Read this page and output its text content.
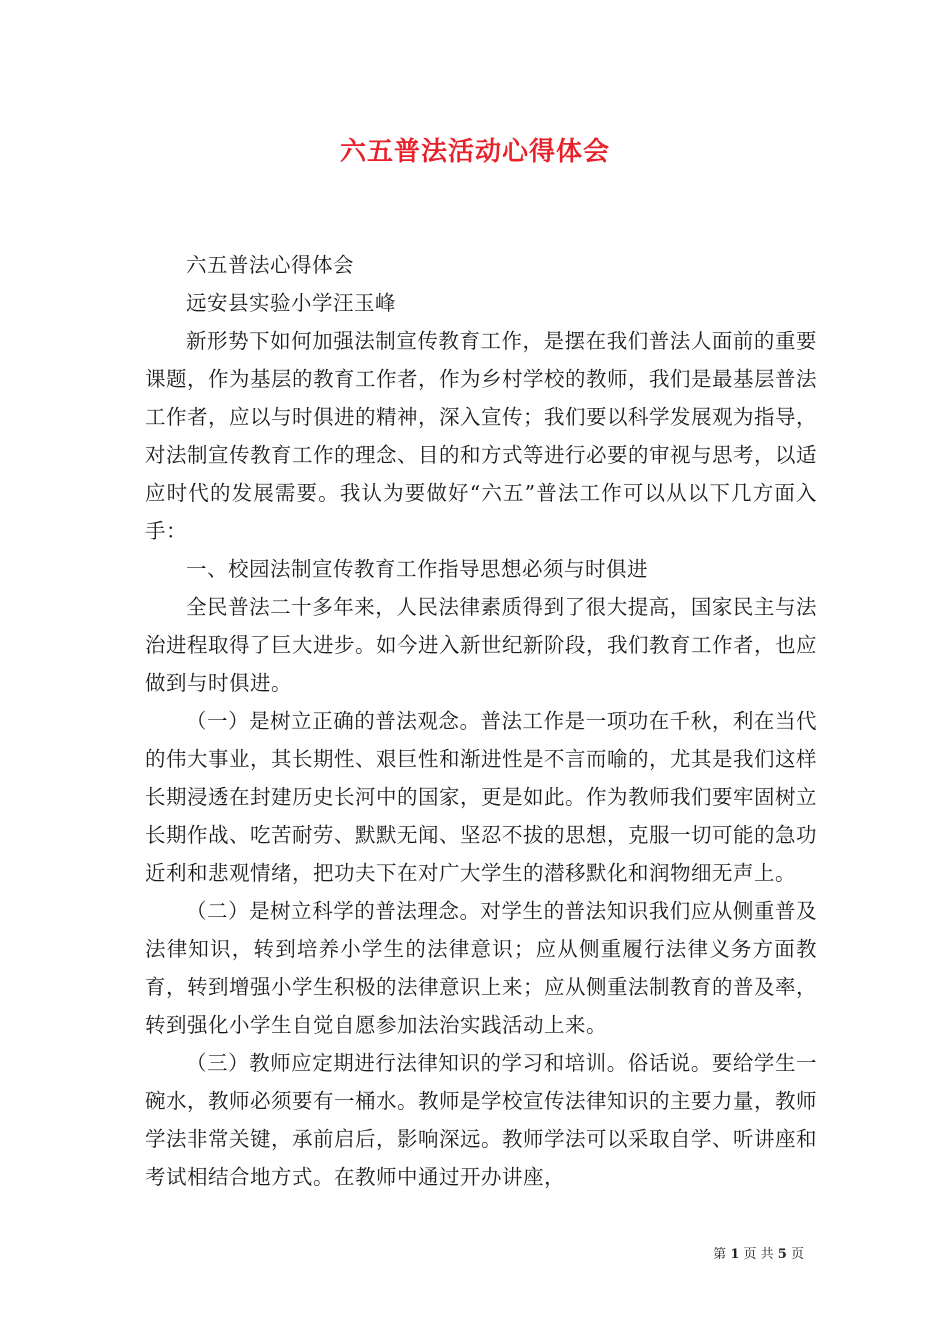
六五普法活动心得体会

六五普法心得体会

远安县实验小学汪玉峰

新形势下如何加强法制宣传教育工作，是摆在我们普法人面前的重要课题，作为基层的教育工作者，作为乡村学校的教师，我们是最基层普法工作者，应以与时俱进的精神，深入宣传；我们要以科学发展观为指导，对法制宣传教育工作的理念、目的和方式等进行必要的审视与思考，以适应时代的发展需要。我认为要做好“六五”普法工作可以从以下几方面入手：

一、校园法制宣传教育工作指导思想必须与时俱进

全民普法二十多年来，人民法律素质得到了很大提高，国家民主与法治进程取得了巨大进步。如今进入新世纪新阶段，我们教育工作者，也应做到与时俱进。

（一）是树立正确的普法观念。普法工作是一项功在千秋，利在当代的伟大事业，其长期性、艰巨性和渐进性是不言而喻的，尤其是我们这样长期浸透在封建历史长河中的国家，更是如此。作为教师我们要牢固树立长期作战、吃苦耐劳、默默无闻、坚忍不拔的思想，克服一切可能的急功近利和悲观情绪，把功夫下在对广大学生的潜移默化和润物细无声上。

（二）是树立科学的普法理念。对学生的普法知识我们应从侧重普及法律知识，转到培养小学生的法律意识；应从侧重履行法律义务方面教育，转到增强小学生积极的法律意识上来；应从侧重法制教育的普及率，转到强化小学生自觉自愿参加法治实践活动上来。

（三）教师应定期进行法律知识的学习和培训。俗话说。要给学生一碗水，教师必须要有一桶水。教师是学校宣传法律知识的主要力量，教师学法非常关键，承前启后，影响深远。教师学法可以采取自学、听讲座和考试相结合地方式。在教师中通过开办讲座，

第 1 页 共 5 页
